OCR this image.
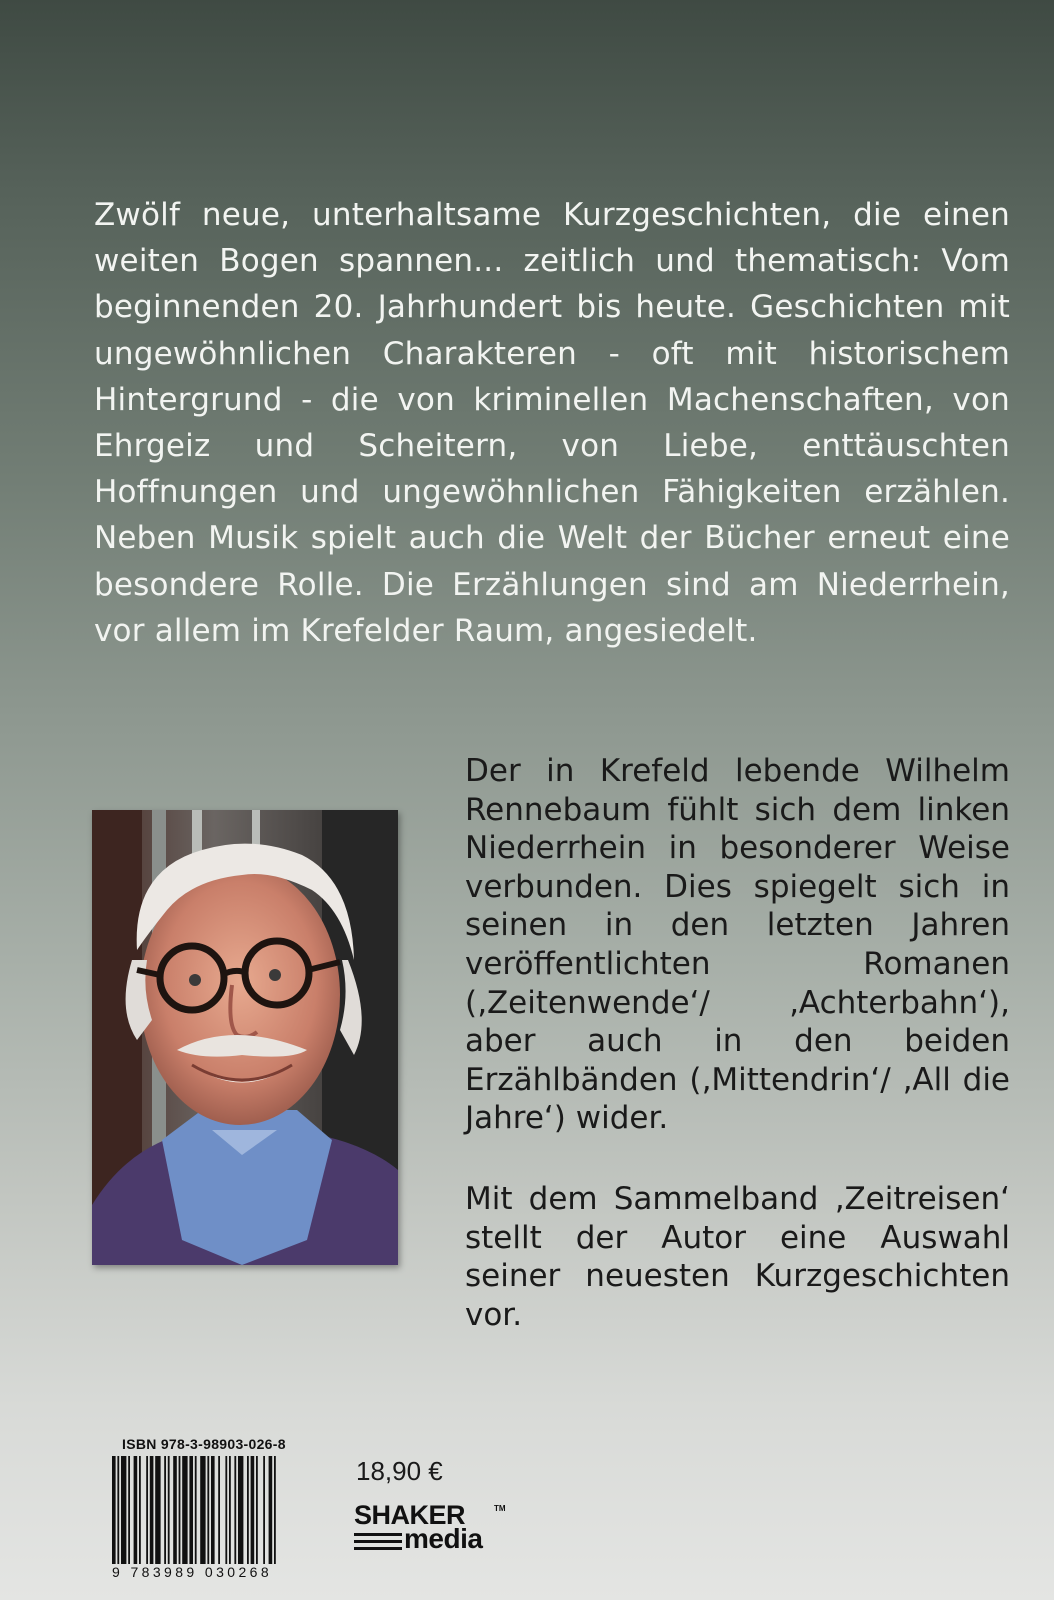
Zwölf neue, unterhaltsame Kurzgeschichten, die einen weiten Bogen spannen... zeitlich und thematisch: Vom beginnenden 20. Jahrhundert bis heute. Geschichten mit ungewöhnlichen Charakteren - oft mit historischem Hintergrund - die von kriminellen Machenschaften, von Ehrgeiz und Scheitern, von Liebe, enttäuschten Hoffnungen und ungewöhnlichen Fähigkeiten erzählen. Neben Musik spielt auch die Welt der Bücher erneut eine besondere Rolle. Die Erzählungen sind am Niederrhein, vor allem im Krefelder Raum, angesiedelt.

Der in Krefeld lebende Wilhelm Rennebaum fühlt sich dem linken Niederrhein in besonderer Weise verbunden. Dies spiegelt sich in seinen in den letzten Jahren veröffentlichten Romanen (‚Zeitenwende‘/ ‚Achterbahn‘), aber auch in den beiden Erzählbänden (‚Mittendrin‘/ ‚All die Jahre‘) wider.

Mit dem Sammelband ‚Zeitreisen‘ stellt der Autor eine Auswahl seiner neuesten Kurzgeschichten vor.

ISBN 978-3-98903-026-8
9 783989 030268
18,90 €
SHAKER	TM
media
